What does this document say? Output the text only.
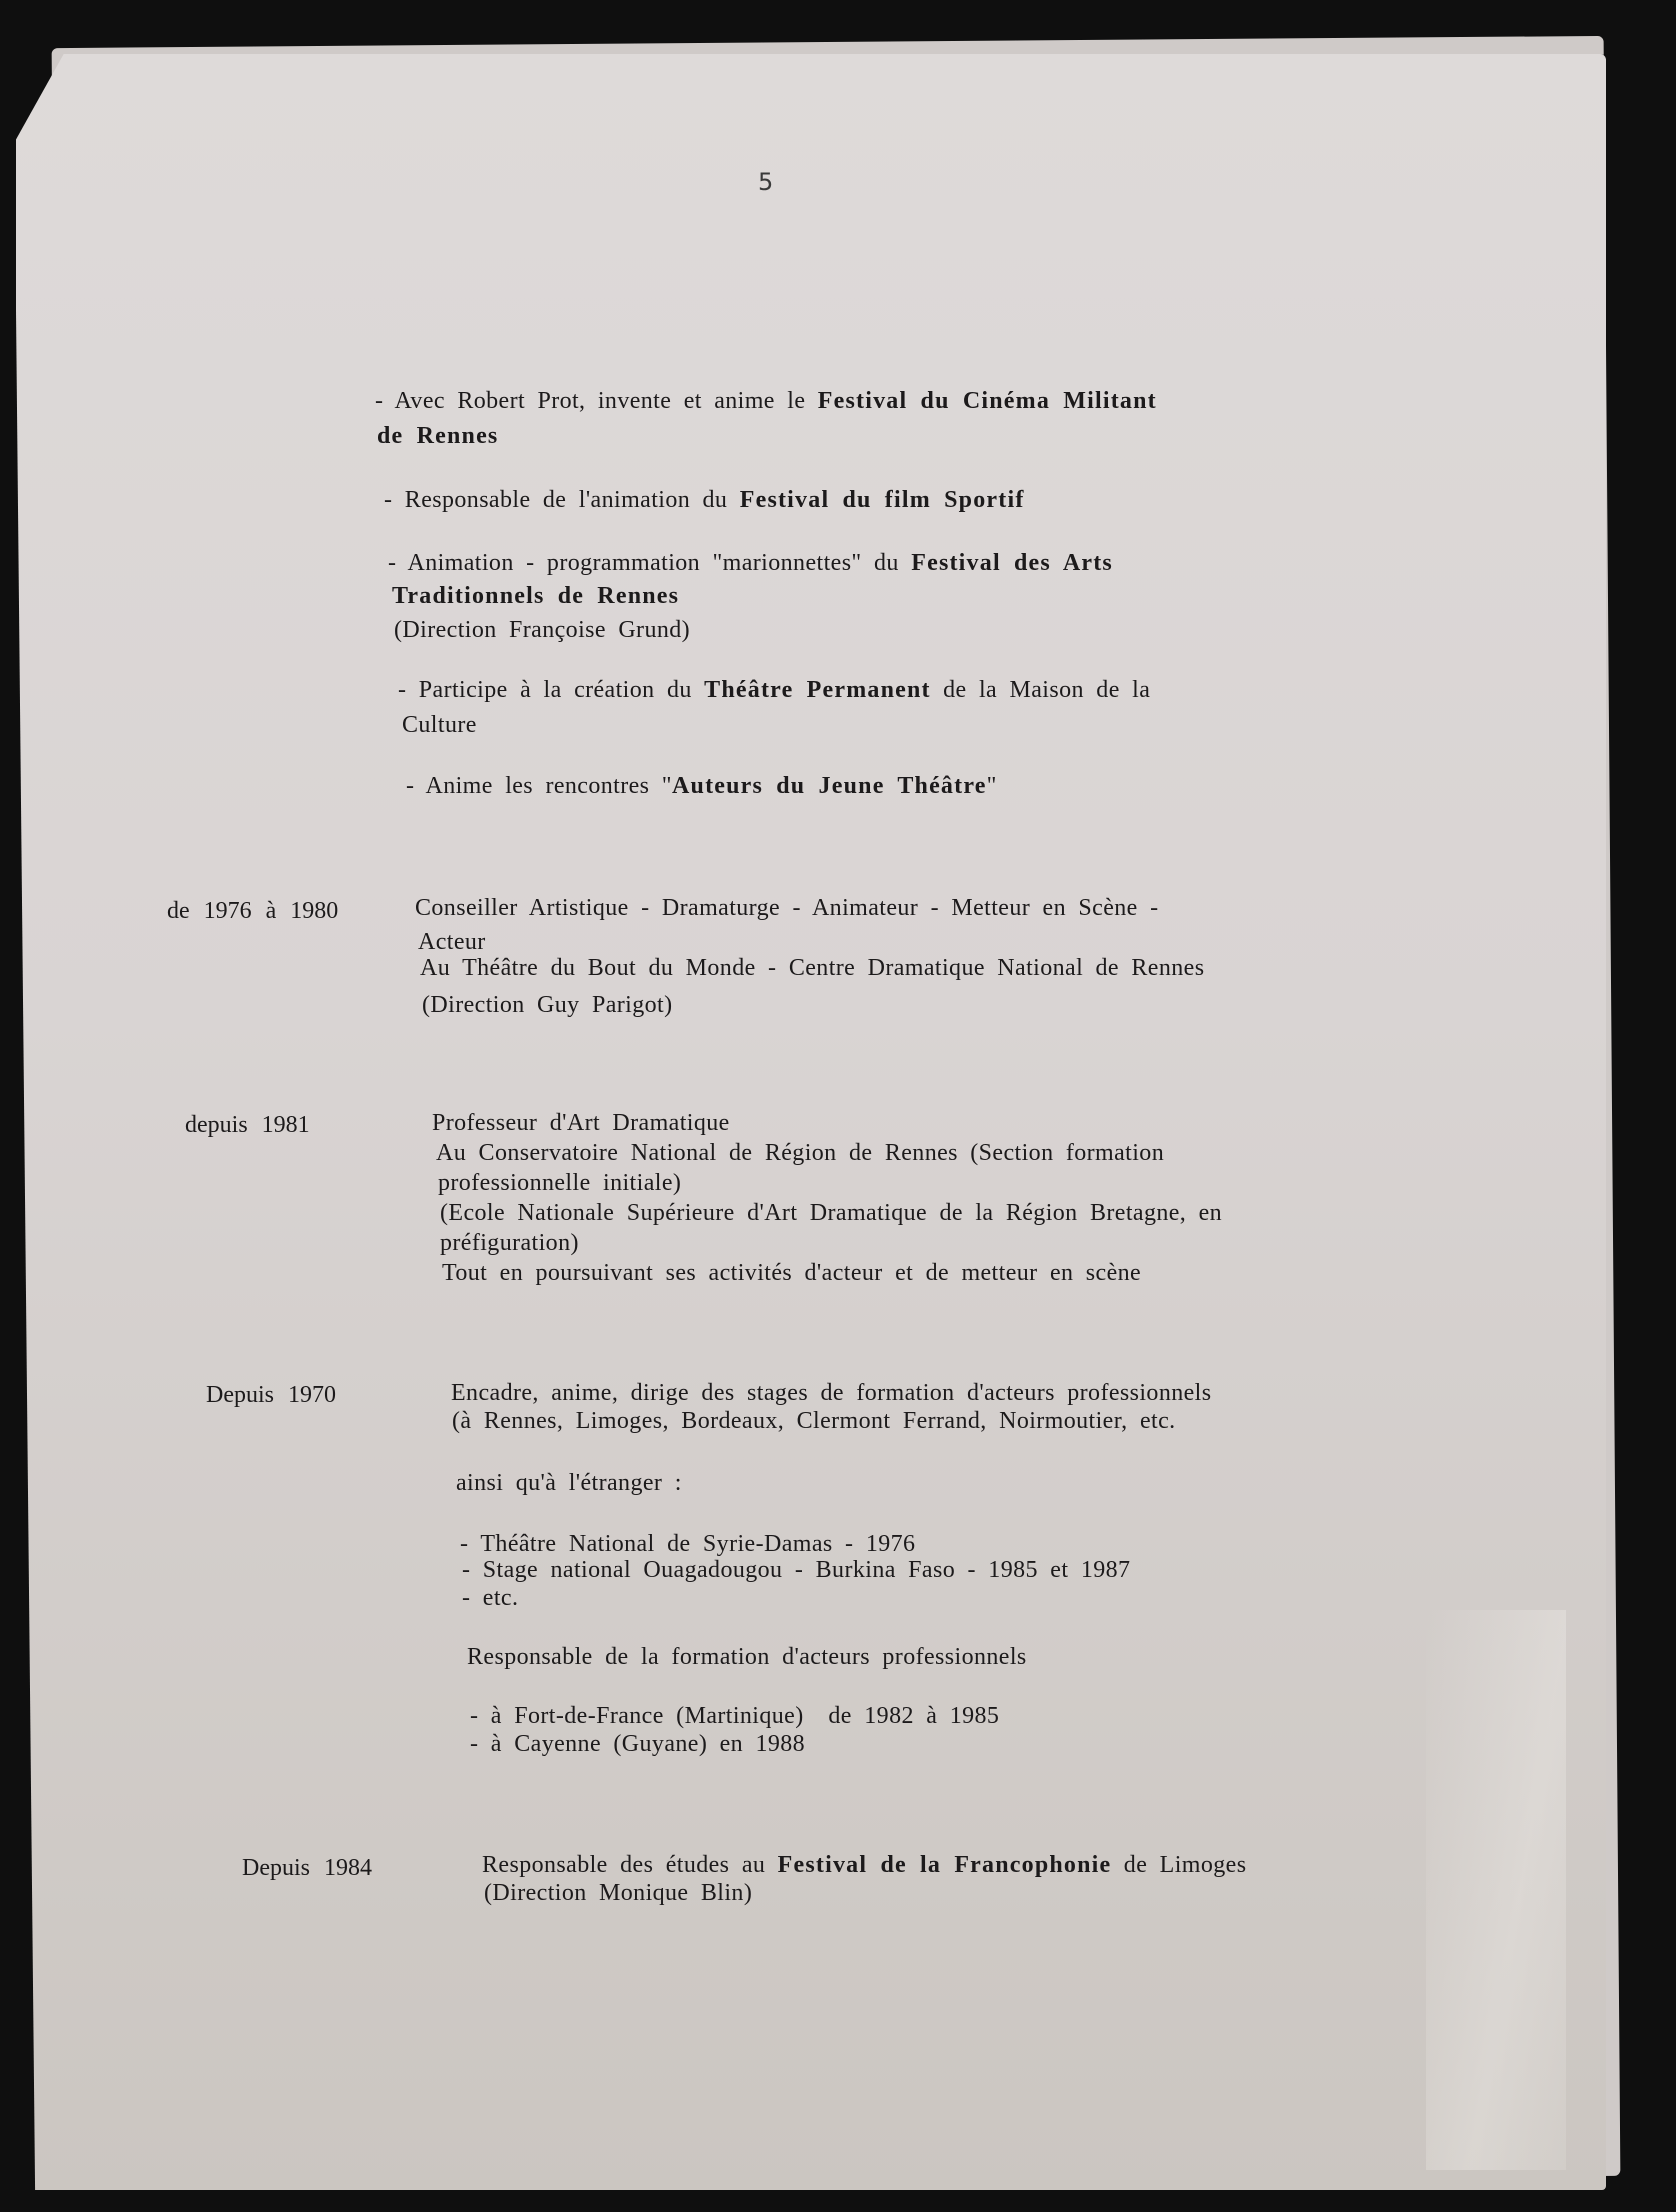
5
- Avec Robert Prot, invente et anime le Festival du Cinéma Militant
de Rennes
- Responsable de l'animation du Festival du film Sportif
- Animation - programmation "marionnettes" du Festival des Arts
Traditionnels de Rennes
(Direction Françoise Grund)
- Participe à la création du Théâtre Permanent de la Maison de la
Culture
- Anime les rencontres "Auteurs du Jeune Théâtre"
de 1976 à 1980	Conseiller Artistique - Dramaturge - Animateur - Metteur en Scène -
Acteur
Au Théâtre du Bout du Monde - Centre Dramatique National de Rennes
(Direction Guy Parigot)
depuis 1981	Professeur d'Art Dramatique
Au Conservatoire National de Région de Rennes (Section formation
professionnelle initiale)
(Ecole Nationale Supérieure d'Art Dramatique de la Région Bretagne, en
préfiguration)
Tout en poursuivant ses activités d'acteur et de metteur en scène
Depuis 1970	Encadre, anime, dirige des stages de formation d'acteurs professionnels
(à Rennes, Limoges, Bordeaux, Clermont Ferrand, Noirmoutier, etc.
ainsi qu'à l'étranger :
- Théâtre National de Syrie-Damas - 1976
- Stage national Ouagadougou - Burkina Faso - 1985 et 1987
- etc.
Responsable de la formation d'acteurs professionnels
- à Fort-de-France (Martinique)  de 1982 à 1985
- à Cayenne (Guyane) en 1988
Depuis 1984	Responsable des études au Festival de la Francophonie de Limoges
(Direction Monique Blin)
